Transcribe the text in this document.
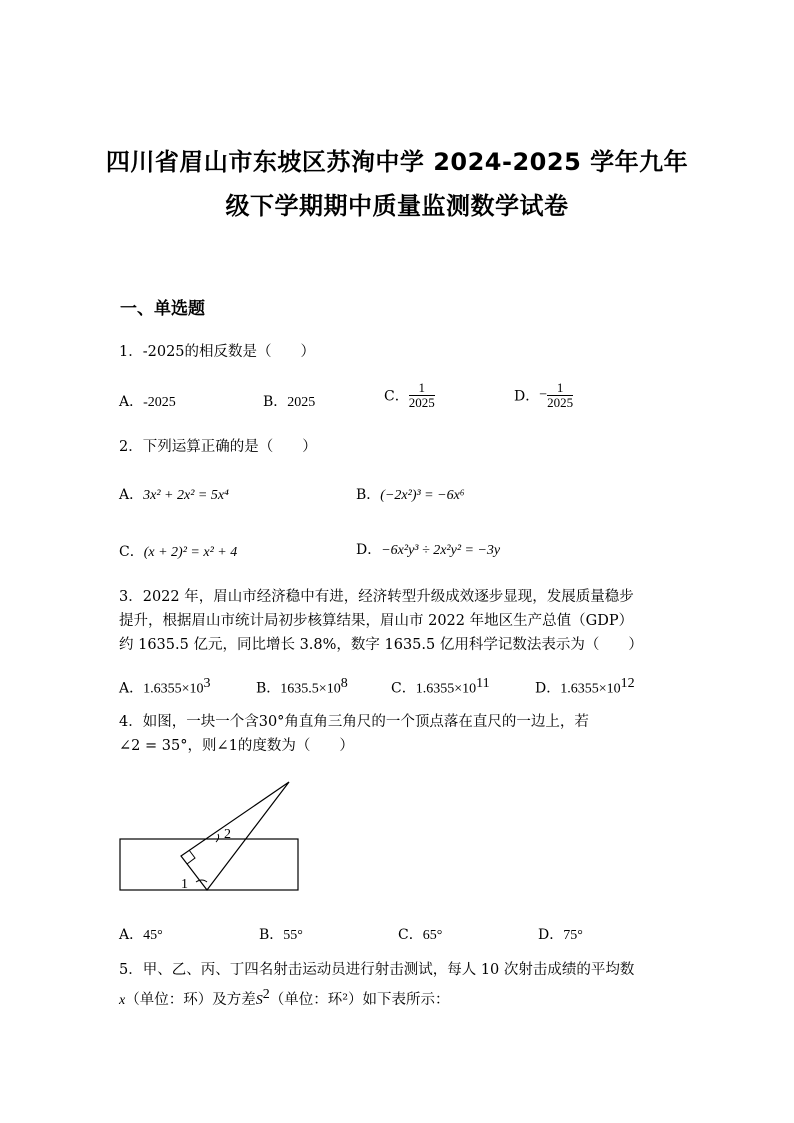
四川省眉山市东坡区苏洵中学 2024-2025 学年九年
级下学期期中质量监测数学试卷
一、单选题
1．-2025的相反数是（　　）
A．-2025	B．2025	C． $\frac{1}{2025}$	D．− $\frac{1}{2025}$
2．下列运算正确的是（　　）
A．3x² + 2x² = 5x⁴	B．(−2x²)³ = −6x⁶
C．(x + 2)² = x² + 4	D．−6x²y³ ÷ 2x²y² = −3y
3．2022 年，眉山市经济稳中有进，经济转型升级成效逐步显现，发展质量稳步
提升，根据眉山市统计局初步核算结果，眉山市 2022 年地区生产总值（GDP）
约 1635.5 亿元，同比增长 3.8%，数字 1635.5 亿用科学记数法表示为（　　）
A．$1.6355\times 10^3$	B．$1635.5\times 10^8$	C．$1.6355\times 10^{11}$	D．$1.6355\times 10^{12}$
4．如图，一块一个含30°角直角三角尺的一个顶点落在直尺的一边上，若
∠2 = 35°，则∠1的度数为（　　）
2
1
A．45°	B．55°	C．65°	D．75°
5．甲、乙、丙、丁四名射击运动员进行射击测试，每人 10 次射击成绩的平均数
x（单位：环）及方差$S^2$（单位：环²）如下表所示：
